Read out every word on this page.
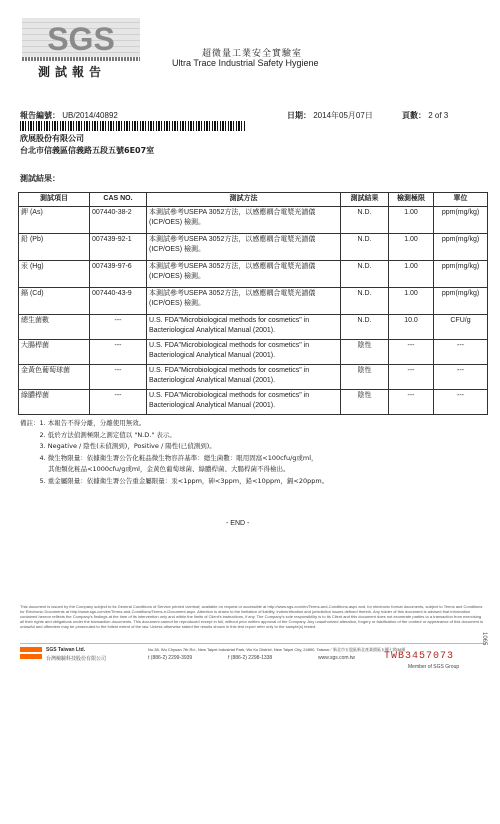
SGS
測試報告
超微量工業安全實驗室
Ultra Trace Industrial Safety Hygiene
報告編號： UB/2014/40892	日期： 2014年05月07日	頁數： 2 of 3
欣展股份有限公司
台北市信義區信義路五段五號6E07室
測試結果：
測試項目	CAS NO.	測試方法	測試結果	檢測極限	單位
鉀 (As)	007440-38-2	本測試參考USEPA 3052方法，以感應耦合電漿光譜儀(ICP/OES) 檢測。	N.D.	1.00	ppm(mg/kg)
鉛 (Pb)	007439-92-1	本測試參考USEPA 3052方法，以感應耦合電漿光譜儀(ICP/OES) 檢測。	N.D.	1.00	ppm(mg/kg)
汞 (Hg)	007439-97-6	本測試參考USEPA 3052方法，以感應耦合電漿光譜儀(ICP/OES) 檢測。	N.D.	1.00	ppm(mg/kg)
鎘 (Cd)	007440-43-9	本測試參考USEPA 3052方法，以感應耦合電漿光譜儀(ICP/OES) 檢測。	N.D.	1.00	ppm(mg/kg)
總生菌數	---	U.S. FDA"Microbiological methods for cosmetics" in Bacteriological Analytical Manual (2001).	N.D.	10.0	CFU/g
大腸桿菌	---	U.S. FDA"Microbiological methods for cosmetics" in Bacteriological Analytical Manual (2001).	陰性	---	---
金黃色葡萄球菌	---	U.S. FDA"Microbiological methods for cosmetics" in Bacteriological Analytical Manual (2001).	陰性	---	---
綠膿桿菌	---	U.S. FDA"Microbiological methods for cosmetics" in Bacteriological Analytical Manual (2001).	陰性	---	---
備註：1. 本報告不得分離，分離使用無效。
　　　2. 低於方法偵測極限之測定值以 "N.D." 表示。
　　　3. Negative / 陰性(未偵測到)，Positive / 陽性(已偵測到)。
　　　4. 微生物限量：依據衛生署公告化粧品微生物容許基準：總生菌數：眼用固窩<100cfu/g或ml，
　　　　 其他類化粧品<1000cfu/g或ml，金黃色葡萄球菌、綠膿桿菌、大腸桿菌不得檢出。
　　　5. 重金屬限量：依據衛生署公告重金屬限量：汞<1ppm，砷<3ppm，鉛<10ppm，鎘<20ppm。
- END -
This document is issued by the Company subject to its General Conditions of Service printed overleaf, available on request or accessible at http://www.sgs.com/en/Terms-and-Conditions.aspx and, for electronic format documents, subject to Terms and Conditions for Electronic Documents at http://www.sgs.com/en/Terms-and-Conditions/Terms-e-Document.aspx. Attention is drawn to the limitation of liability, indemnification and jurisdiction issues defined therein. Any holder of this document is advised that information contained hereon reflects the Company's findings at the time of its intervention only and within the limits of Client's instructions, if any. The Company's sole responsibility is to its Client and this document does not exonerate parties to a transaction from exercising all their rights and obligations under the transaction documents. This document cannot be reproduced except in full, without prior written approval of the Company. Any unauthorized alteration, forgery or falsification of the content or appearance of this document is unlawful and offenders may be prosecuted to the fullest extent of the law. Unless otherwise stated the results shown in this test report refer only to the sample(s) tested.
SGS Taiwan Ltd.
台灣檢驗科技股份有限公司
No.38, Wu Chyuan 7th Rd., New Taipei Industrial Park, Wu Ku District, New Taipei City, 24890, Taiwan／新北市五股區新北產業園區五權七路38號
t (886-2) 2299-3939	f (886-2) 2298-1338	www.sgs.com.tw	TWB3457073
Member of SGS Group
1065
